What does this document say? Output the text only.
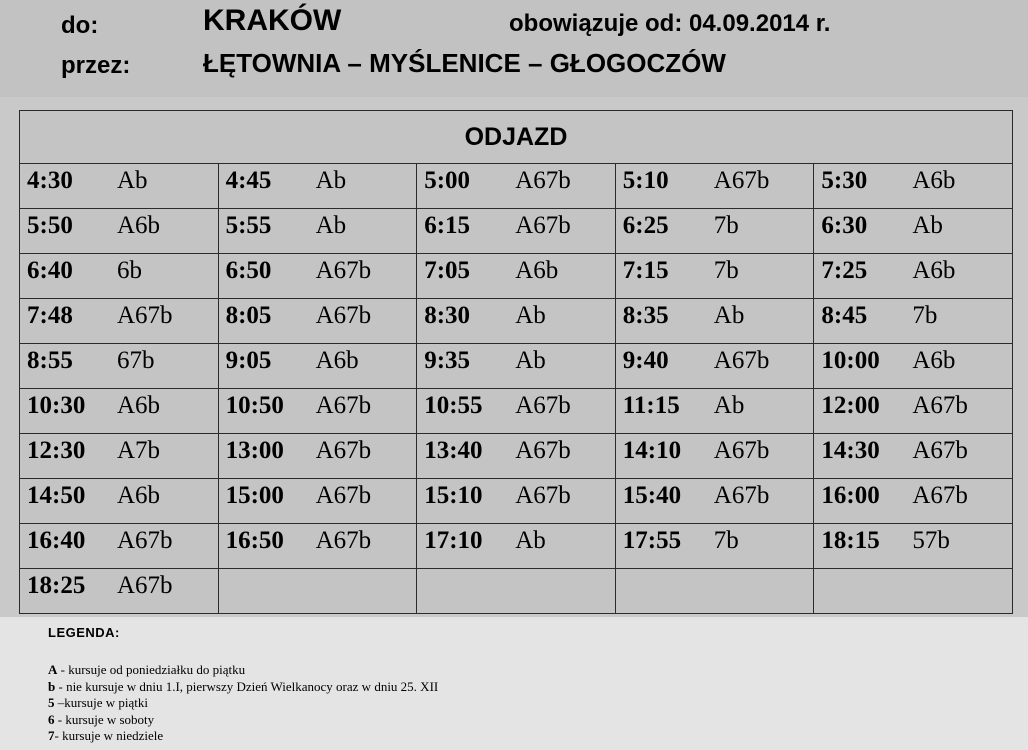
do:	KRAKÓW	obowiązuje od: 04.09.2014 r.
przez:	ŁĘTOWNIA – MYŚLENICE – GŁOGOCZÓW
ODJAZD				

4:30 Ab	4:45 Ab	5:00 A67b	5:10 A67b	5:30 A6b

5:50 A6b	5:55 Ab	6:15 A67b	6:25 7b	6:30 Ab

6:40 6b	6:50 A67b	7:05 A6b	7:15 7b	7:25 A6b

7:48 A67b	8:05 A67b	8:30 Ab	8:35 Ab	8:45 7b

8:55 67b	9:05 A6b	9:35 Ab	9:40 A67b	10:00 A6b

10:30 A6b	10:50 A67b	10:55 A67b	11:15 Ab	12:00 A67b

12:30 A7b	13:00 A67b	13:40 A67b	14:10 A67b	14:30 A67b

14:50 A6b	15:00 A67b	15:10 A67b	15:40 A67b	16:00 A67b

16:40 A67b	16:50 A67b	17:10 Ab	17:55 7b	18:15 57b

18:25 A67b				

LEGENDA:
A - kursuje od poniedziałku do piątku
b - nie kursuje w dniu 1.I, pierwszy Dzień Wielkanocy oraz w dniu 25. XII
5 –kursuje w piątki
6 - kursuje w soboty
7- kursuje w niedziele
